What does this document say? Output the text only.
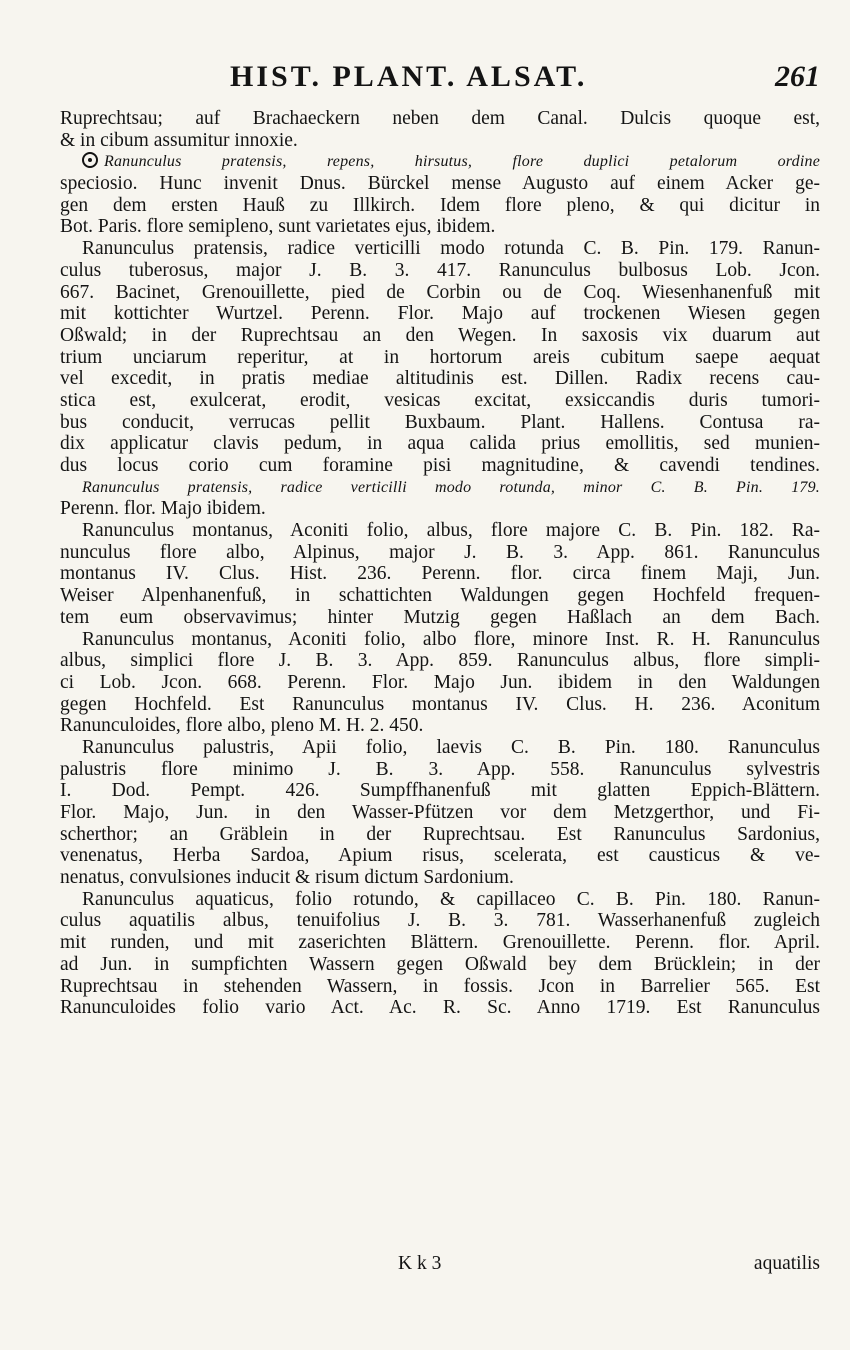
HIST. PLANT. ALSAT.	261
Ruprechtsau; auf Brachaeckern neben dem Canal. Dulcis quoque est,
& in cibum assumitur innoxie.
Ranunculus pratensis, repens, hirsutus, flore duplici petalorum ordine
speciosio. Hunc invenit Dnus. Bürckel mense Augusto auf einem Acker ge-
gen dem ersten Hauß zu Illkirch. Idem flore pleno, & qui dicitur in
Bot. Paris. flore semipleno, sunt varietates ejus, ibidem.
Ranunculus pratensis, radice verticilli modo rotunda C. B. Pin. 179. Ranun-
culus tuberosus, major J. B. 3. 417. Ranunculus bulbosus Lob. Jcon.
667. Bacinet, Grenouillette, pied de Corbin ou de Coq. Wiesenhanenfuß mit
mit kottichter Wurtzel. Perenn. Flor. Majo auf trockenen Wiesen gegen
Oßwald; in der Ruprechtsau an den Wegen. In saxosis vix duarum aut
trium unciarum reperitur, at in hortorum areis cubitum saepe aequat
vel excedit, in pratis mediae altitudinis est. Dillen. Radix recens cau-
stica est, exulcerat, erodit, vesicas excitat, exsiccandis duris tumori-
bus conducit, verrucas pellit Buxbaum. Plant. Hallens. Contusa ra-
dix applicatur clavis pedum, in aqua calida prius emollitis, sed munien-
dus locus corio cum foramine pisi magnitudine, & cavendi tendines.
Ranunculus pratensis, radice verticilli modo rotunda, minor C. B. Pin. 179.
Perenn. flor. Majo ibidem.
Ranunculus montanus, Aconiti folio, albus, flore majore C. B. Pin. 182. Ra-
nunculus flore albo, Alpinus, major J. B. 3. App. 861. Ranunculus
montanus IV. Clus. Hist. 236. Perenn. flor. circa finem Maji, Jun.
Weiser Alpenhanenfuß, in schattichten Waldungen gegen Hochfeld frequen-
tem eum observavimus; hinter Mutzig gegen Haßlach an dem Bach.
Ranunculus montanus, Aconiti folio, albo flore, minore Inst. R. H. Ranunculus
albus, simplici flore J. B. 3. App. 859. Ranunculus albus, flore simpli-
ci Lob. Jcon. 668. Perenn. Flor. Majo Jun. ibidem in den Waldungen
gegen Hochfeld. Est Ranunculus montanus IV. Clus. H. 236. Aconitum
Ranunculoides, flore albo, pleno M. H. 2. 450.
Ranunculus palustris, Apii folio, laevis C. B. Pin. 180. Ranunculus
palustris flore minimo J. B. 3. App. 558. Ranunculus sylvestris
I. Dod. Pempt. 426. Sumpffhanenfuß mit glatten Eppich-Blättern.
Flor. Majo, Jun. in den Wasser-Pfützen vor dem Metzgerthor, und Fi-
scherthor; an Gräblein in der Ruprechtsau. Est Ranunculus Sardonius,
venenatus, Herba Sardoa, Apium risus, scelerata, est causticus & ve-
nenatus, convulsiones inducit & risum dictum Sardonium.
Ranunculus aquaticus, folio rotundo, & capillaceo C. B. Pin. 180. Ranun-
culus aquatilis albus, tenuifolius J. B. 3. 781. Wasserhanenfuß zugleich
mit runden, und mit zaserichten Blättern. Grenouillette. Perenn. flor. April.
ad Jun. in sumpfichten Wassern gegen Oßwald bey dem Brücklein; in der
Ruprechtsau in stehenden Wassern, in fossis. Jcon in Barrelier 565. Est
Ranunculoides folio vario Act. Ac. R. Sc. Anno 1719. Est Ranunculus
K k 3	aquatilis
